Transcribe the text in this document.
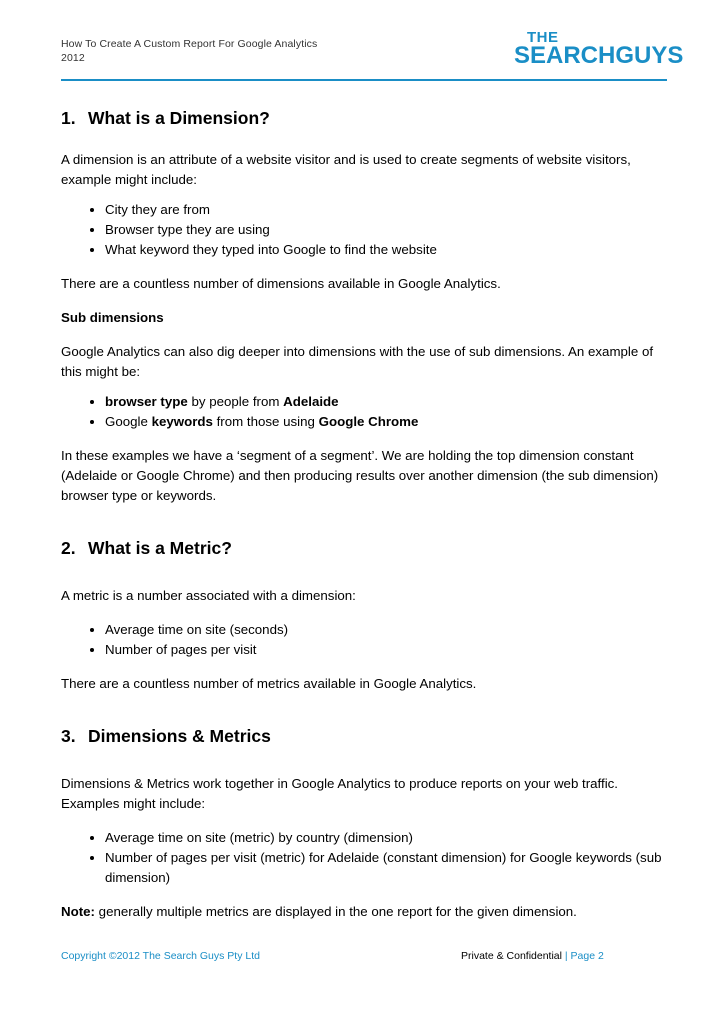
How To Create A Custom Report For Google Analytics
2012
THE
SEARCHGUYS
1. What is a Dimension?

A dimension is an attribute of a website visitor and is used to create segments of website visitors, example might include:

• City they are from
• Browser type they are using
• What keyword they typed into Google to find the website

There are a countless number of dimensions available in Google Analytics.

Sub dimensions

Google Analytics can also dig deeper into dimensions with the use of sub dimensions. An example of this might be:

• browser type by people from Adelaide
• Google keywords from those using Google Chrome

In these examples we have a ‘segment of a segment’. We are holding the top dimension constant (Adelaide or Google Chrome) and then producing results over another dimension (the sub dimension) browser type or keywords.

2. What is a Metric?

A metric is a number associated with a dimension:

• Average time on site (seconds)
• Number of pages per visit

There are a countless number of metrics available in Google Analytics.

3. Dimensions & Metrics

Dimensions & Metrics work together in Google Analytics to produce reports on your web traffic. Examples might include:

• Average time on site (metric) by country (dimension)
• Number of pages per visit (metric) for Adelaide (constant dimension) for Google keywords (sub dimension)

Note: generally multiple metrics are displayed in the one report for the given dimension.

Copyright ©2012 The Search Guys Pty Ltd	Private & Confidential | Page 2
